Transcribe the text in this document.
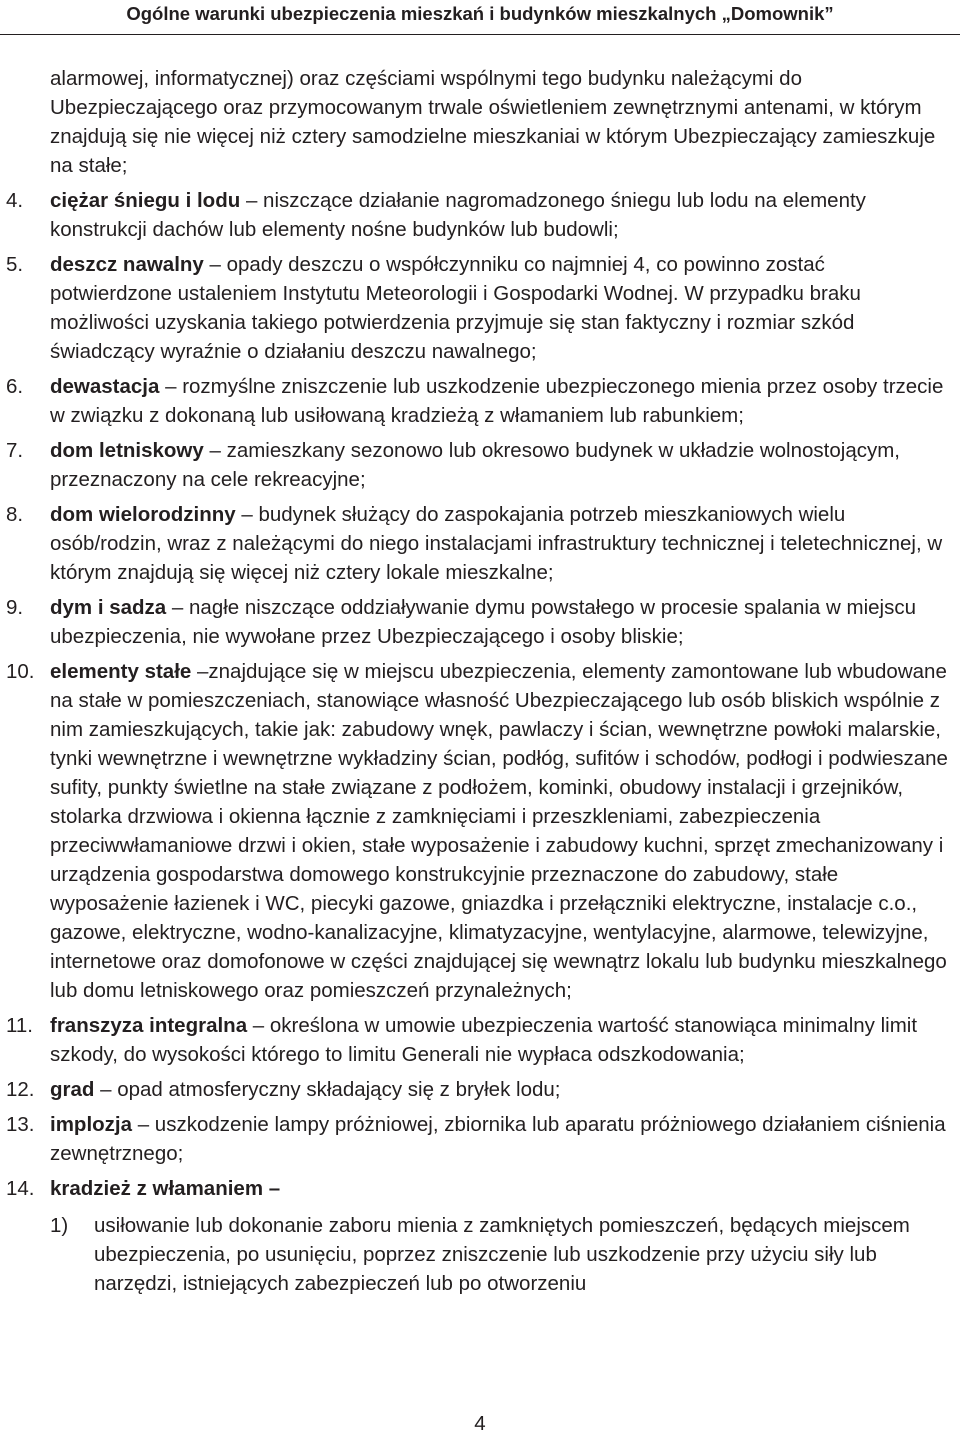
Ogólne warunki ubezpieczenia mieszkań i budynków mieszkalnych „Domownik”
alarmowej, informatycznej) oraz częściami wspólnymi tego budynku należącymi do Ubezpieczającego oraz przymocowanym trwale oświetleniem zewnętrznymi antenami, w którym znajdują się nie więcej niż cztery samodzielne mieszkaniai w którym Ubezpieczający zamieszkuje na stałe;
4. ciężar śniegu i lodu – niszczące działanie nagromadzonego śniegu lub lodu na elementy konstrukcji dachów lub elementy nośne budynków lub budowli;
5. deszcz nawalny – opady deszczu o współczynniku co najmniej 4, co powinno zostać potwierdzone ustaleniem Instytutu Meteorologii i Gospodarki Wodnej. W przypadku braku możliwości uzyskania takiego potwierdzenia przyjmuje się stan faktyczny i rozmiar szkód świadczący wyraźnie o działaniu deszczu nawalnego;
6. dewastacja – rozmyślne zniszczenie lub uszkodzenie ubezpieczonego mienia przez osoby trzecie w związku z dokonaną lub usiłowaną kradzieżą z włamaniem lub rabunkiem;
7. dom letniskowy – zamieszkany sezonowo lub okresowo budynek w układzie wolnostojącym, przeznaczony na cele rekreacyjne;
8. dom wielorodzinny – budynek służący do zaspokajania potrzeb mieszkaniowych wielu osób/rodzin, wraz z należącymi do niego instalacjami infrastruktury technicznej i teletechnicznej, w którym znajdują się więcej niż cztery lokale mieszkalne;
9. dym i sadza – nagłe niszczące oddziaływanie dymu powstałego w procesie spalania w miejscu ubezpieczenia, nie wywołane przez Ubezpieczającego i osoby bliskie;
10. elementy stałe –znajdujące się w miejscu ubezpieczenia, elementy zamontowane lub wbudowane na stałe w pomieszczeniach, stanowiące własność Ubezpieczającego lub osób bliskich wspólnie z nim zamieszkujących, takie jak: zabudowy wnęk, pawlaczy i ścian, wewnętrzne powłoki malarskie, tynki wewnętrzne i wewnętrzne wykładziny ścian, podłóg, sufitów i schodów, podłogi i podwieszane sufity, punkty świetlne na stałe związane z podłożem, kominki, obudowy instalacji i grzejników, stolarka drzwiowa i okienna łącznie z zamknięciami i przeszkleniami, zabezpieczenia przeciwwłamaniowe drzwi i okien, stałe wyposażenie i zabudowy kuchni, sprzęt zmechanizowany i urządzenia gospodarstwa domowego konstrukcyjnie przeznaczone do zabudowy, stałe wyposażenie łazienek i WC, piecyki gazowe, gniazdka i przełączniki elektryczne, instalacje c.o., gazowe, elektryczne, wodno-kanalizacyjne, klimatyzacyjne, wentylacyjne, alarmowe, telewizyjne, internetowe oraz domofonowe w części znajdującej się wewnątrz lokalu lub budynku mieszkalnego lub domu letniskowego oraz pomieszczeń przynależnych;
11. franszyza integralna – określona w umowie ubezpieczenia wartość stanowiąca minimalny limit szkody, do wysokości którego to limitu Generali nie wypłaca odszkodowania;
12. grad – opad atmosferyczny składający się z bryłek lodu;
13. implozja – uszkodzenie lampy próżniowej, zbiornika lub aparatu próżniowego działaniem ciśnienia zewnętrznego;
14. kradzież z włamaniem –
1) usiłowanie lub dokonanie zaboru mienia z zamkniętych pomieszczeń, będących miejscem ubezpieczenia, po usunięciu, poprzez zniszczenie lub uszkodzenie przy użyciu siły lub narzędzi, istniejących zabezpieczeń lub po otworzeniu
4
